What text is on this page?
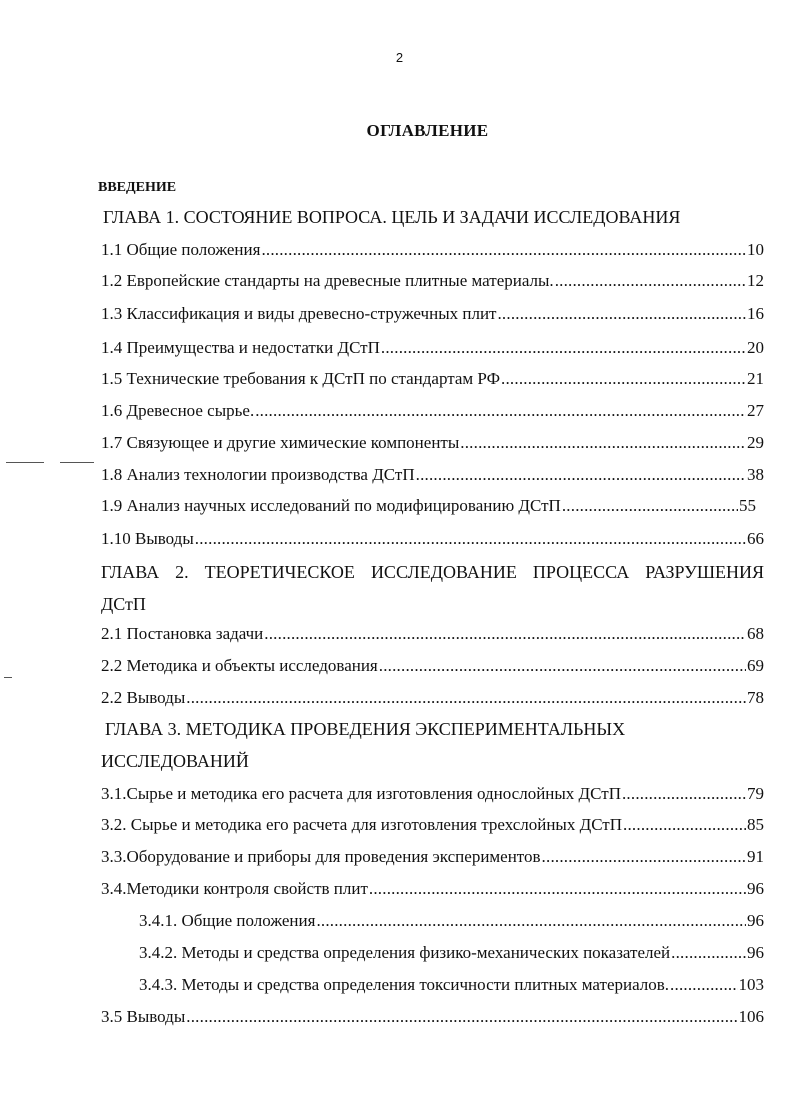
2
ОГЛАВЛЕНИЕ
ВВЕДЕНИЕ
ГЛАВА 1. СОСТОЯНИЕ ВОПРОСА. ЦЕЛЬ И ЗАДАЧИ ИССЛЕДОВАНИЯ
1.1 Общие положения .....	10
1.2 Европейские стандарты на древесные плитные материалы. .....	12
1.3 Классификация и виды древесно-стружечных плит .....	16
1.4 Преимущества и недостатки ДСтП .....	20
1.5 Технические требования к ДСтП по стандартам РФ .....	21
1.6 Древесное сырье. .....	27
1.7 Связующее и другие химические компоненты .....	29
1.8 Анализ технологии производства ДСтП .....	38
1.9 Анализ научных исследований по модифицированию ДСтП .....	55
1.10 Выводы .....	66
ГЛАВА 2. ТЕОРЕТИЧЕСКОЕ ИССЛЕДОВАНИЕ ПРОЦЕССА РАЗРУШЕНИЯ
ДСтП
2.1 Постановка задачи .....	68
2.2 Методика и объекты исследования .....	69
2.2 Выводы .....	78
ГЛАВА 3. МЕТОДИКА ПРОВЕДЕНИЯ ЭКСПЕРИМЕНТАЛЬНЫХ
ИССЛЕДОВАНИЙ
3.1.Сырье и методика его расчета для изготовления однослойных ДСтП .....	79
3.2. Сырье и методика его расчета для изготовления трехслойных ДСтП .....	85
3.3.Оборудование и приборы для проведения экспериментов .....	91
3.4.Методики контроля свойств плит .....	96
3.4.1. Общие положения .....	96
3.4.2. Методы и средства определения физико-механических показателей .....	96
3.4.3. Методы и средства определения токсичности плитных материалов. .....	103
3.5 Выводы .....	106
